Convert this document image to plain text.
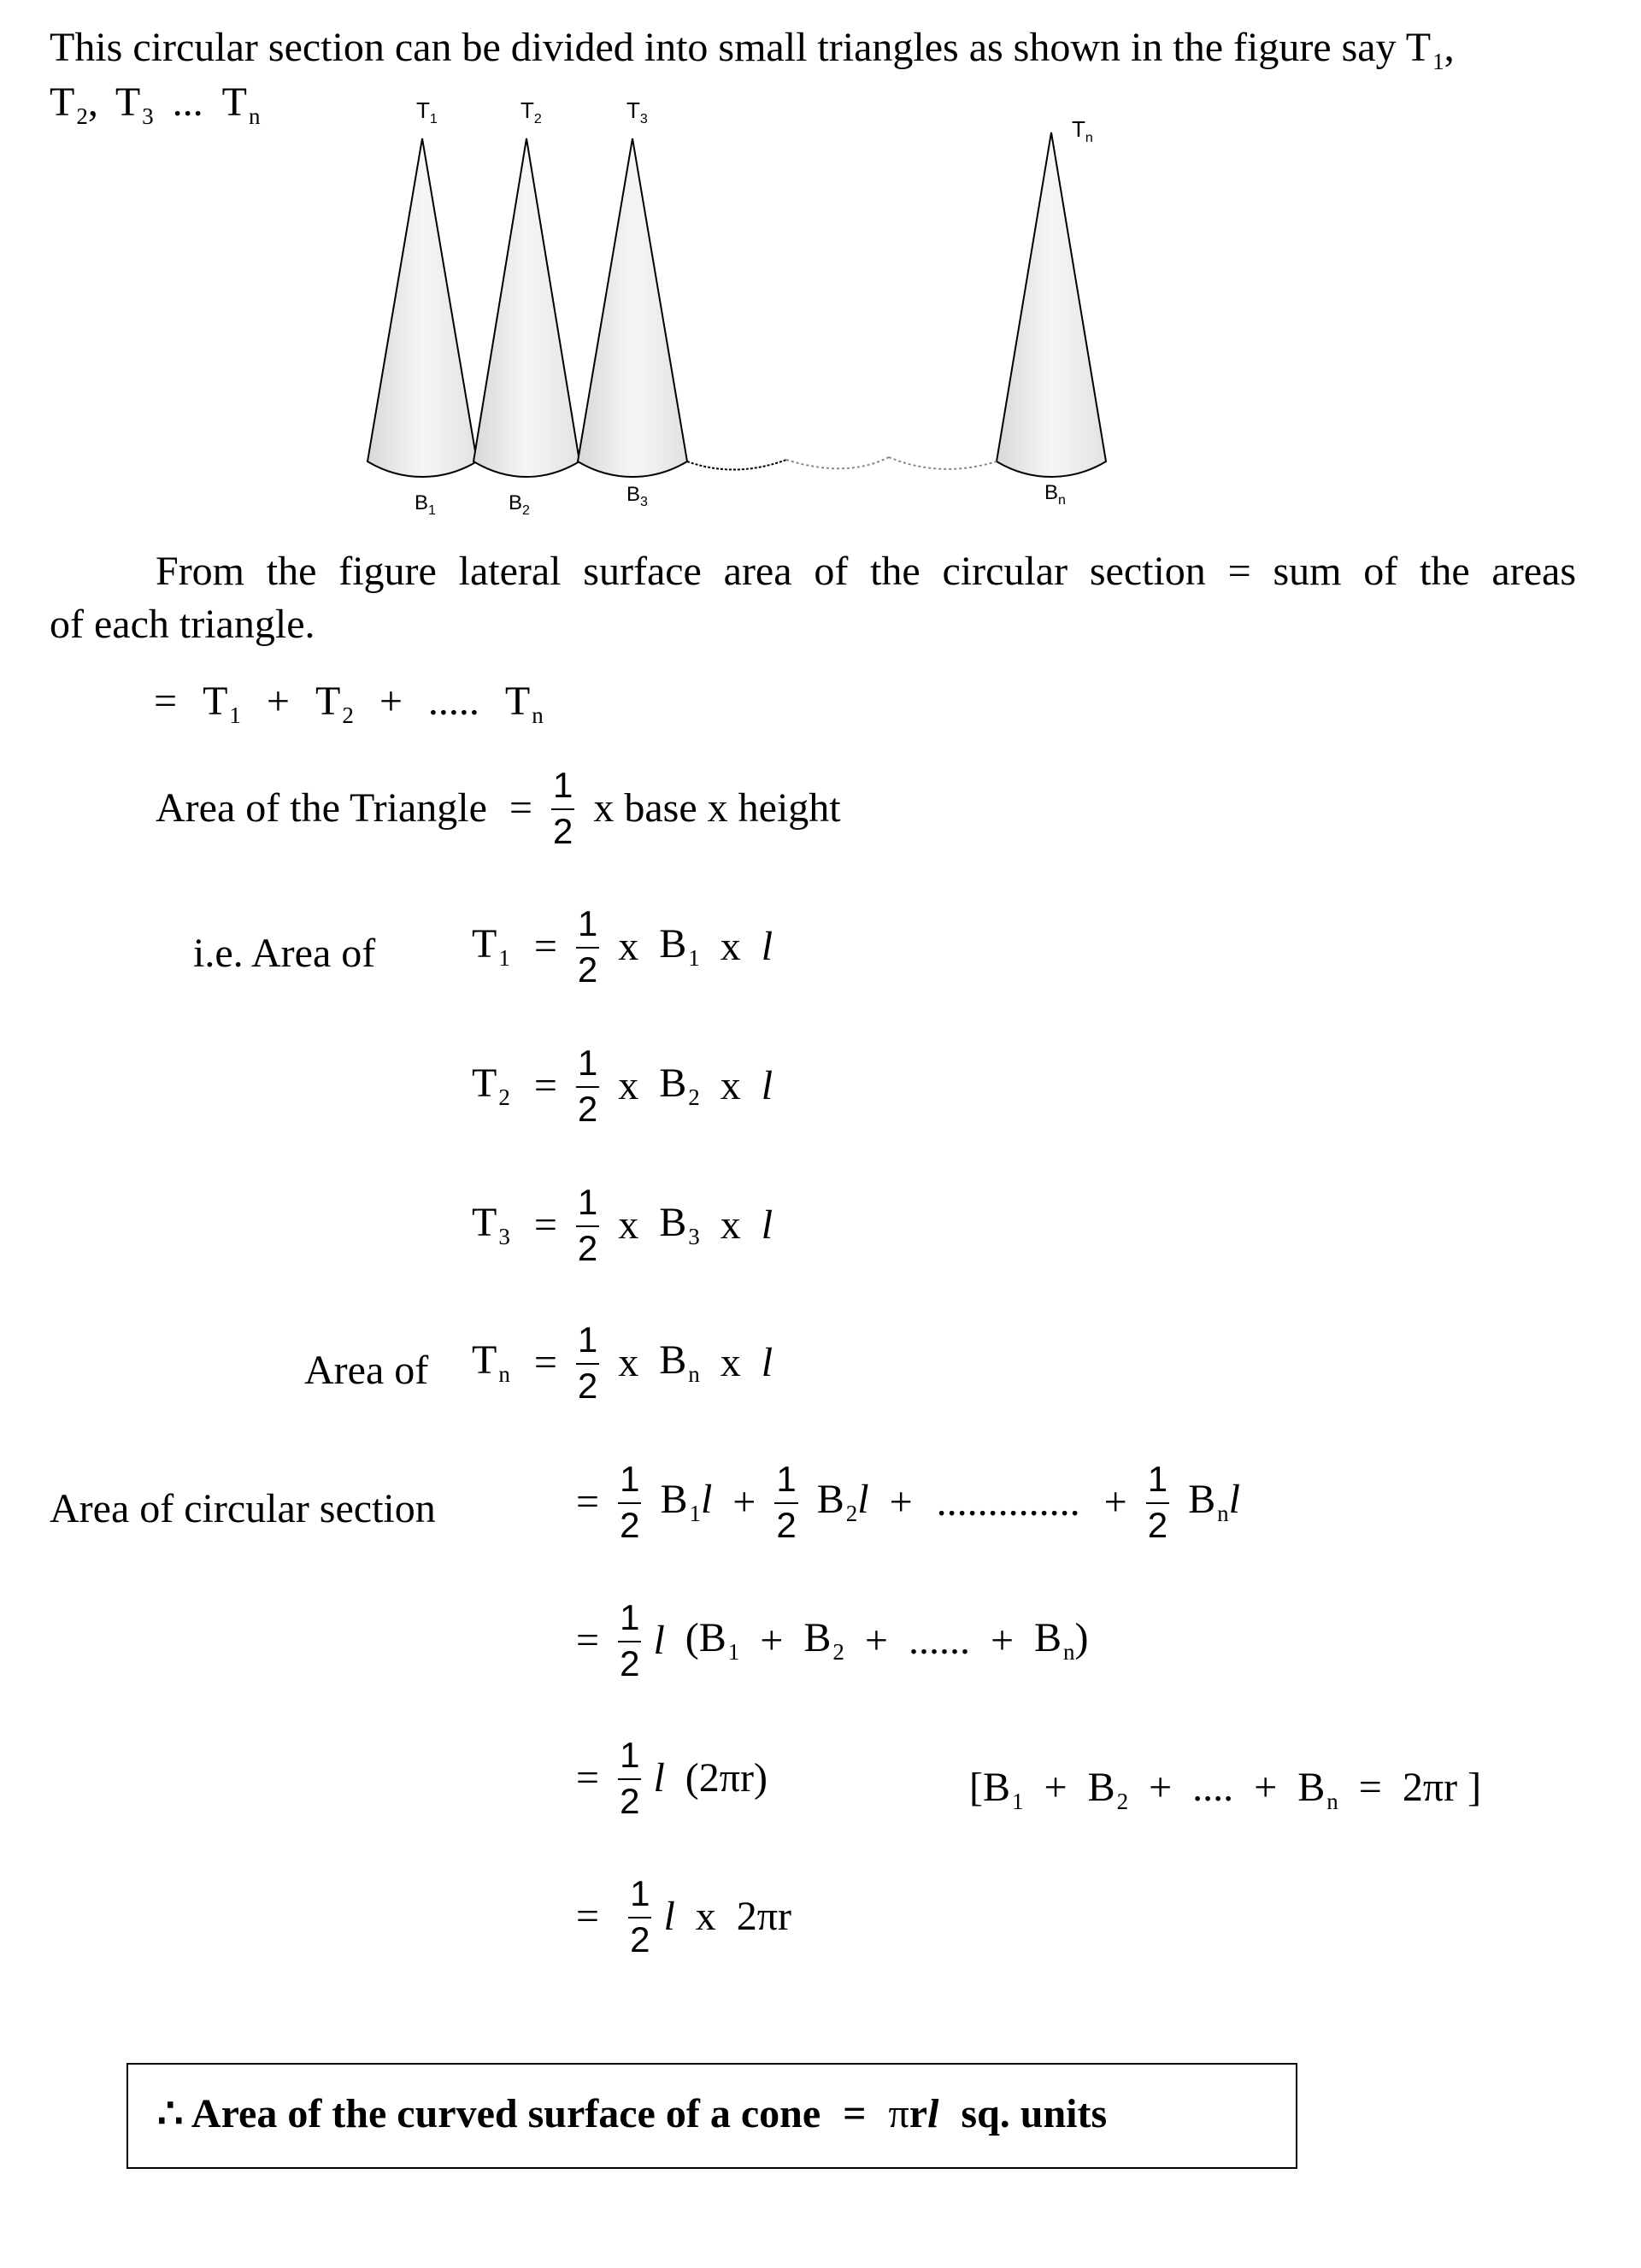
This circular section can be divided into small triangles as shown in the figure say $T_1$,
$T_2$, $T_3$ ... $T_n$	$T_1$	$T_2$	$T_3$	$T_n$
$B_1$	$B_2$
$B_3$	$B_n$
From the figure lateral surface area of the circular section = sum of the areas
of each triangle.
= $T_1 + T_2$ + ..... $T_n$
Area of the Triangle = $\frac{1}{2}$ x base x height
i.e. Area of $T_1 = \frac{1}{2}$ x $B_1$ x l
$T_2 = \frac{1}{2}$ x $B_2$ x l
$T_3 = \frac{1}{2}$ x $B_3$ x l
Area of $T_n = \frac{1}{2}$ x $B_n$ x l
Area of circular section	= $\frac{1}{2} B_1l + \frac{1}{2} B_2l$ + .............. + $\frac{1}{2} B_nl$
= $\frac{1}{2}$ l ($B_1 + B_2$ + ...... + $B_n$)
= $\frac{1}{2}$ l (2πr)	[$B_1 + B_2$ + .... + $B_n = 2\pi r$ ]
= $\frac{1}{2}$ l x  2πr
∴ Area of the curved surface of a cone = πrl sq. units
